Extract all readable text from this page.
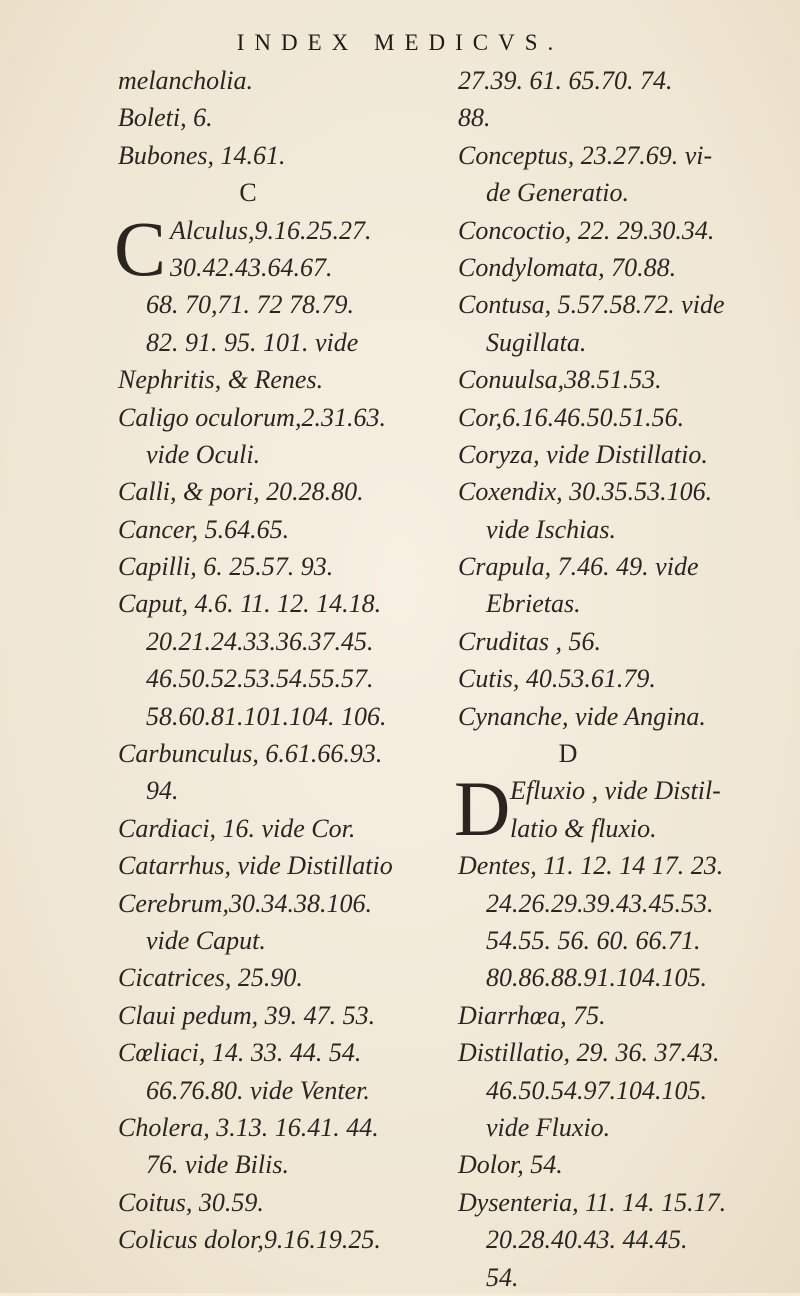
INDEX MEDICVS.
melancholia.
Boleti, 6.
Bubones, 14.61.
C
C Alculus,9.16.25.27.
30.42.43.64.67.
68. 70,71. 72 78.79.
82. 91. 95. 101. vide
Nephritis, & Renes.
Caligo oculorum,2.31.63.
vide Oculi.
Calli, & pori, 20.28.80.
Cancer, 5.64.65.
Capilli, 6. 25.57. 93.
Caput, 4.6. 11. 12. 14.18.
20.21.24.33.36.37.45.
46.50.52.53.54.55.57.
58.60.81.101.104. 106.
Carbunculus, 6.61.66.93.
94.
Cardiaci, 16. vide Cor.
Catarrhus, vide Distillatio
Cerebrum,30.34.38.106.
vide Caput.
Cicatrices, 25.90.
Claui pedum, 39. 47. 53.
Cœliaci, 14. 33. 44. 54.
66.76.80. vide Venter.
Cholera, 3.13. 16.41. 44.
76. vide Bilis.
Coitus, 30.59.
Colicus dolor,9.16.19.25.
27.39. 61. 65.70. 74.
88.
Conceptus, 23.27.69. vi-
de Generatio.
Concoctio, 22. 29.30.34.
Condylomata, 70.88.
Contusa, 5.57.58.72. vide
Sugillata.
Conuulsa,38.51.53.
Cor,6.16.46.50.51.56.
Coryza, vide Distillatio.
Coxendix, 30.35.53.106.
vide Ischias.
Crapula, 7.46. 49. vide
Ebrietas.
Cruditas , 56.
Cutis, 40.53.61.79.
Cynanche, vide Angina.
D
D Efluxio , vide Distil-
latio & fluxio.
Dentes, 11. 12. 14 17. 23.
24.26.29.39.43.45.53.
54.55. 56. 60. 66.71.
80.86.88.91.104.105.
Diarrhœa, 75.
Distillatio, 29. 36. 37.43.
46.50.54.97.104.105.
vide Fluxio.
Dolor, 54.
Dysenteria, 11. 14. 15.17.
20.28.40.43. 44.45.
54.
